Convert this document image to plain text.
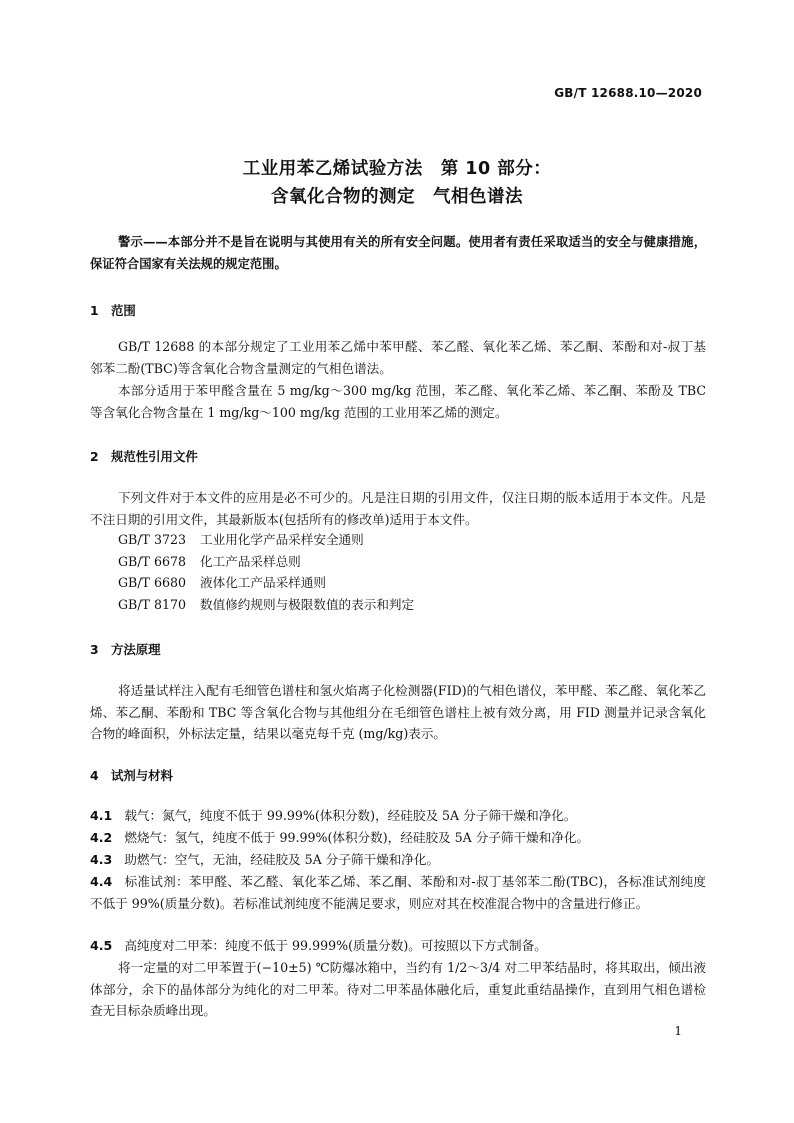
GB/T 12688.10—2020
工业用苯乙烯试验方法　第 10 部分：
含氧化合物的测定　气相色谱法
警示——本部分并不是旨在说明与其使用有关的所有安全问题。使用者有责任采取适当的安全与健康措施，保证符合国家有关法规的规定范围。
1 范围
GB/T 12688 的本部分规定了工业用苯乙烯中苯甲醛、苯乙醛、氧化苯乙烯、苯乙酮、苯酚和对-叔丁基邻苯二酚(TBC)等含氧化合物含量测定的气相色谱法。
本部分适用于苯甲醛含量在 5 mg/kg～300 mg/kg 范围，苯乙醛、氧化苯乙烯、苯乙酮、苯酚及 TBC 等含氧化合物含量在 1 mg/kg～100 mg/kg 范围的工业用苯乙烯的测定。
2 规范性引用文件
下列文件对于本文件的应用是必不可少的。凡是注日期的引用文件，仅注日期的版本适用于本文件。凡是不注日期的引用文件，其最新版本(包括所有的修改单)适用于本文件。
GB/T 3723 工业用化学产品采样安全通则
GB/T 6678 化工产品采样总则
GB/T 6680 液体化工产品采样通则
GB/T 8170 数值修约规则与极限数值的表示和判定
3 方法原理
将适量试样注入配有毛细管色谱柱和氢火焰离子化检测器(FID)的气相色谱仪，苯甲醛、苯乙醛、氧化苯乙烯、苯乙酮、苯酚和 TBC 等含氧化合物与其他组分在毛细管色谱柱上被有效分离，用 FID 测量并记录含氧化合物的峰面积，外标法定量，结果以毫克每千克 (mg/kg)表示。
4 试剂与材料
4.1 载气：氮气，纯度不低于 99.99%(体积分数)，经硅胶及 5A 分子筛干燥和净化。
4.2 燃烧气：氢气，纯度不低于 99.99%(体积分数)，经硅胶及 5A 分子筛干燥和净化。
4.3 助燃气：空气，无油，经硅胶及 5A 分子筛干燥和净化。
4.4 标准试剂：苯甲醛、苯乙醛、氧化苯乙烯、苯乙酮、苯酚和对-叔丁基邻苯二酚(TBC)，各标准试剂纯度不低于 99%(质量分数)。若标准试剂纯度不能满足要求，则应对其在校准混合物中的含量进行修正。
4.5 高纯度对二甲苯：纯度不低于 99.999%(质量分数)。可按照以下方式制备。
将一定量的对二甲苯置于(−10±5) ℃防爆冰箱中，当约有 1/2～3/4 对二甲苯结晶时，将其取出，倾出液体部分，余下的晶体部分为纯化的对二甲苯。待对二甲苯晶体融化后，重复此重结晶操作，直到用气相色谱检查无目标杂质峰出现。
1
